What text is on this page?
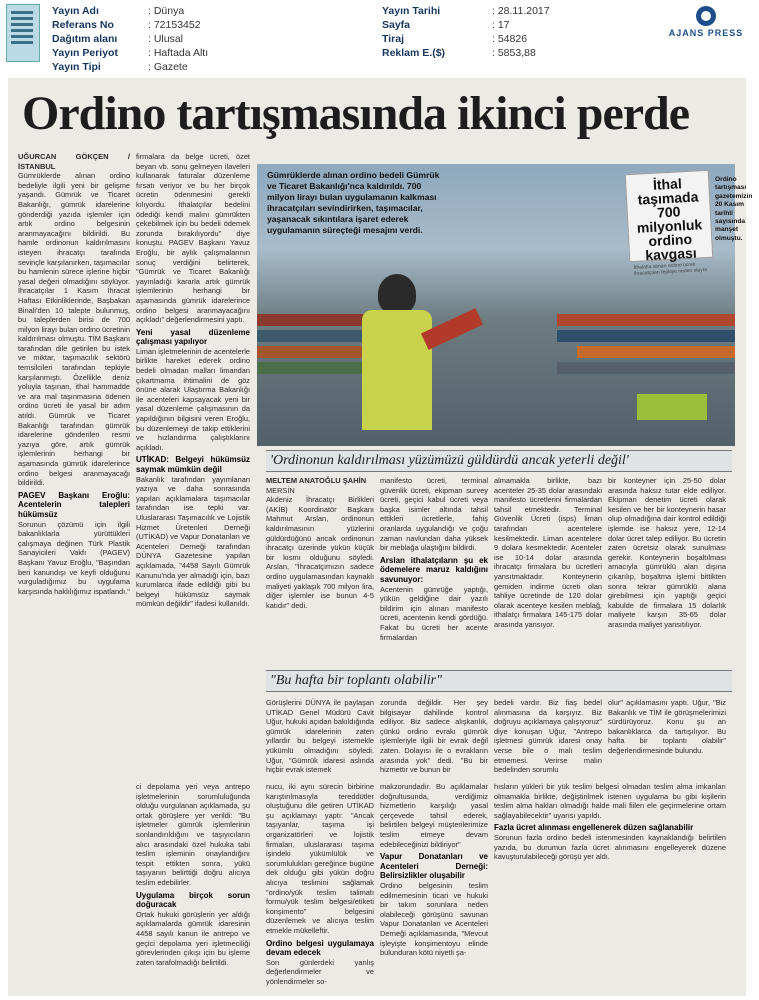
Yayın Adı	: Dünya
Referans No	: 72153452
Dağıtım alanı	: Ulusal
Yayın Periyot	: Haftada Altı
Yayın Tipi	: Gazete
Yayın Tarihi	: 28.11.2017
Sayfa	: 17
Tiraj	: 54826
Reklam E.($)	: 5853,88
AJANS PRESS
Ordino tartışmasında ikinci perde
UĞURCAN GÖKÇEN / İSTANBUL
Gümrüklerde alınan ordino bedeliyle ilgili yeni bir gelişme yaşandı. Gümrük ve Ticaret Bakanlığı, gümrük idarelerine gönderdiği yazıda işlemler için artık ordino belgesinin aranmayacağını bildirildi. Bu hamle ordinonun kaldırılmasını isteyen ihracatçı tarafında sevinçle karşılanırken, taşımacılar bu hamlenin sürece işlerine hiçbir yasal değeri olmadığını söylüyor. İhracatçılar 1 Kasım İhracat Haftası Etkinliklerinde, Başbakan Binali'den 10 talepte bulunmuş, bu taleplerden birisi de 700 milyon lirayı bulan ordino ücretinin kaldırılması olmuştu. TİM Başkanı tarafından dile getirilen bu istek ve miktar, taşımacılık sektörü temsilcileri tarafından tepkiyle karşılanmıştı. Özellikle deniz yoluyla taşınan, ithal hammadde ve ara mal taşınmasına ödenen ordino ücreti ile yasal bir adım atıldı. Gümrük ve Ticaret Bakanlığı tarafından gümrük idarelerine gönderilen resmi yazıya göre, artık gümrük işlemlerinin herhangi bir aşamasında gümrük idarelerince ordino belgesi aranmayacağı bildirildi.
PAGEV Başkanı Eroğlu: Acentelerin talepleri hükümsüz
Sorunun çözümü için ilgili bakanlıklarla yürüttükleri çalışmaya değinen Türk Plastik Sanayicileri Vakfı (PAGEV) Başkanı Yavuz Eroğlu, "Başından beri kanundışı ve keyfi olduğunu vurguladığımız bu uygulama karşısında haklılığımız ispatlandı."
firmalara da belge ücreti, özet beyan vb. sonu gelmeyen ilaveleri kullanarak faturalar düzenleme fırsatı veriyor ve bu her birçok ücretin ödenmesini gerekli kılıyordu. İthalatçılar bedelini ödediği kendi malını gümrükten çekebilmek için bu bedeli ödemek zorunda bırakılıyordu" diye konuştu. PAGEV Başkanı Yavuz Eroğlu, bir aylık çalışmalarının sonuç verdiğini belirterek, "Gümrük ve Ticaret Bakanlığı yayınladığı kararla artık gümrük işlemlerinin herhangi bir aşamasında gümrük idarelerince ordino belgesi aranmayacağını açıkladı" değerlendirmesini yaptı.
Yeni yasal düzenleme çalışması yapılıyor
Liman işletmelerinin de acentelerle birlikte hareket ederek ordino bedeli olmadan malları limandan çıkartmama ihtimalini de göz önüne alarak Ulaştırma Bakanlığı ile acenteleri kapsayacak yeni bir yasal düzenleme çalışmasının da yapıldığının bilgisini veren Eroğlu, bu düzenlemeyi de takip ettiklerini ve hızlandırma çalıştıklarını açıkladı.
UTİKAD: Belgeyi hükümsüz saymak mümkün değil
Bakanlık tarafından yayımlanan yazıya ve daha sonrasında yapılan açıklamalara taşımacılar tarafından ise tepki var. Uluslararası Taşımacılık ve Lojistik Hizmet Üretenleri Derneği (UTİKAD) ve Vapur Donatanları ve Acenteleri Derneği tarafından DÜNYA Gazetesine yapılan açıklamada, "4458 Sayılı Gümrük Kanunu'nda yer almadığı için, bazı kurumlarca ifade edildiği gibi bu belgeyi hükümsüz saymak mümkün değildir" ifadesi kullanıldı.
Gümrüklerde alınan ordino bedeli Gümrük ve Ticaret Bakanlığı'nca kaldırıldı. 700 milyon lirayı bulan uygulamanın kalkması ihracatçıları sevindirirken, taşımacılar, yaşanacak sıkıntılara işaret ederek uygulamanın süreçteği mesajını verdi.
İthal taşımada 700 milyonluk ordino kavgası
İthalatta alınan ordino ücreti ihracatçıları tepkiye neden oluyor.
Ordino tartışması gazetemizin 20 Kasım tarihli sayısında manşet olmuştu.
'Ordinonun kaldırılması yüzümüzü güldürdü ancak yeterli değil'
MELTEM ANATOĞLU ŞAHİN
MERSİN
Akdeniz İhracatçı Birlikleri (AKİB) Koordinatör Başkanı Mahmut Arslan, ordinonun kaldırılmasının yüzlerini güldürdüğünü ancak ordinonun ihracatçı üzerinde yükün küçük bir kısmı olduğunu söyledi. Arslan, "İhracatçımızın sadece ordino uygulamasından kaynaklı maliyeti yaklaşık 700 milyon lira, diğer işlemler ise bunun 4-5 katıdır" dedi.
manifesto ücreti, terminal güvenlik ücreti, ekipman survey ücreti, geçici kabul ücreti veya başka isimler altında tahsil ettikleri ücretlerle, fahiş oranlarda uygulandığı ve çoğu zaman navlundan daha yüksek bir meblağa ulaştığını bildirdi.
Arslan ithalatçıların şu ek ödemelere maruz kaldığını savunuyor:
Acentenin gümrüğe yaptığı, yükün geldiğine dair yazılı bildirim için alınan manifesto ücreti, acentenin kendi gördüğü. Fakat bu ücreti her acente firmalardan
almamakla birlikte, bazı acenteler 25-35 dolar arasındaki manifesto ücretlerini firmalardan tahsil etmektedir. Terminal Güvenlik Ücreti (isps) liman tarafından acentelere kesilmektedir. Liman acentelere 9 dolara kesmektedir. Acenteler ise 10-14 dolar arasında ihracatçı firmalara bu ücretleri yansıtmaktadır. Konteynerin gemiden indirme ücreti olan tahliye ücretinde de 120 dolar olarak acenteye kesilen meblağ, ithalatçı firmalara 145-175 dolar arasında yansıyor.
bir konteyner için 25-50 dolar arasında haksız tutar elde ediliyor. Ekipman denetim ücreti olarak kesilen ve her bir konteynerin hasar olup olmadığına dair kontrol edildiği işlemde ise haksız yere, 12-14 dolar ücret talep ediliyor. Bu ücretin zaten ücretsiz olarak sunulması gerekir. Konteynerin boşaltılması amacıyla gümrüklü alan dışına çıkarılıp, boşaltma işlemi bittikten sonra tekrar gümrüklü alana girebilmesi için yaptığı geçici kabulde de firmalara 15 dolarlık maliyete karşın 35-65 dolar arasında maliyet yansıtılıyor.
"Bu hafta bir toplantı olabilir"
Görüşlerini DÜNYA ile paylaşan UTİKAD Genel Müdürü Cavit Uğur, hukuki açıdan bakıldığında gümrük idarelerinin zaten yıllardır bu belgeyi istemekle yükümlü olmadığını söyledi. Uğur, "Gümrük idaresi aslında hiçbir evrak istemek
zorunda değildir. Her şey bilgisayar dahilinde kontrol ediliyor. Biz sadece alışkanlık, çünkü ordino evrakı gümrük işlemleriyle ilgili bir evrak değil zaten. Dolayısı ile o evrakların arasında yok" dedi. "Bu bir hizmettir ve bunun bir
bedeli vardır. Biz fiaş bedel alınmasına da karşıyız. Biz doğruyu açıklamaya çalışıyoruz" diye konuşan Uğur, "Antrepo işletmesi gümrük idaresi onay verse bile o malı teslim etmemesi. Verirse malın bedelinden sorumlu
olur" açıklamasını yaptı. Uğur, "Biz Bakanlık ve TİM ile görüşmelerimizi sürdürüyoruz. Konu şu an bakanlıklarca da tartışılıyor. Bu hafta bir toplantı olabilir" değerlendirmesinde bulundu.
ci depolama yeri veya antrepo işletmelerinin sorumluluğunda olduğu vurgulanan açıklamada, şu ortak görüşlere yer verildi: "Bu işletmeler gümrük işlemlerinin sonlandırıldığını ve taşıyıcıların alıcı arasındaki özel hukuka tabi teslim işleminin onaylandığını tespit ettikten sonra, yükü taşıyanın belirttiği doğru alıcıya teslim edebilirler.
Uygulama birçok sorun doğuracak
Ortak hukuki görüşlerin yer aldığı açıklamalarda gümrük idaresinin 4458 sayılı kanun ile antrepo ve geçici depolama yeri işletmeciliği görevlerinden çıkışı için bu işleme zaten tarafolmadığı belirtildi.
nucu, iki aynı sürecin birbirine karıştırılmasıyla tereddütler oluştuğunu dile getiren UTİKAD şu açıklamayı yaptı: "Ancak taşıyanlar, taşıma işi organizatörleri ve lojistik firmaları, uluslararası taşıma işindeki yükümlülük ve sorumlulukları gereğince bugüne dek olduğu gibi yükün doğru alıcıya teslimini sağlamak "ordino/yük teslim talimatı formu/yük teslim belgesi/etiketi konşimento" belgesini düzenlemek ve alıcıya teslim etmekle mükelleftir.
Ordino belgesi uygulamaya devam edecek
Son günlerdeki yanlış değerlendirmeler ve yönlendirmeler so-
makzorundadır. Bu açıklamalar doğrultusunda, verdiğimiz hizmetlerin karşılığı yasal çerçevede tahsil ederek, belirtilen belgeyi müşterilerimize teslim etmeye devam edebileceğinizi bildiriyor"
Vapur Donatanları ve Acenteleri Derneği: Belirsizlikler oluşabilir
Ordino belgesinin teslim edilmemesinin ticari ve hukuki bir takım sorunlara neden olabileceği görüşünü savunan Vapur Donatanları ve Acenteleri Derneği açıklamasında, "Mevcut işleyişte konşimentoyu elinde bulunduran kötü niyetli şa-
hısların yükleri bir yük teslim belgesi olmadan teslim alma imkanları olmamakla birlikte, değiştirilmek istenen uygulama bu gibi kişilerin teslim alma hakları olmadığı halde mali fiilen ele geçirmelerine ortam sağlayabilecektir" uyarısı yapıldı.
Fazla ücret alınması engellenerek düzen sağlanabilir
Sorunun fazla ordino bedeli istenmesinden kaynaklandığı belirtilen yazıda, bu durumun fazla ücret alınmasını engelleyerek düzene kavuşturulabileceği görüşü yer aldı.
